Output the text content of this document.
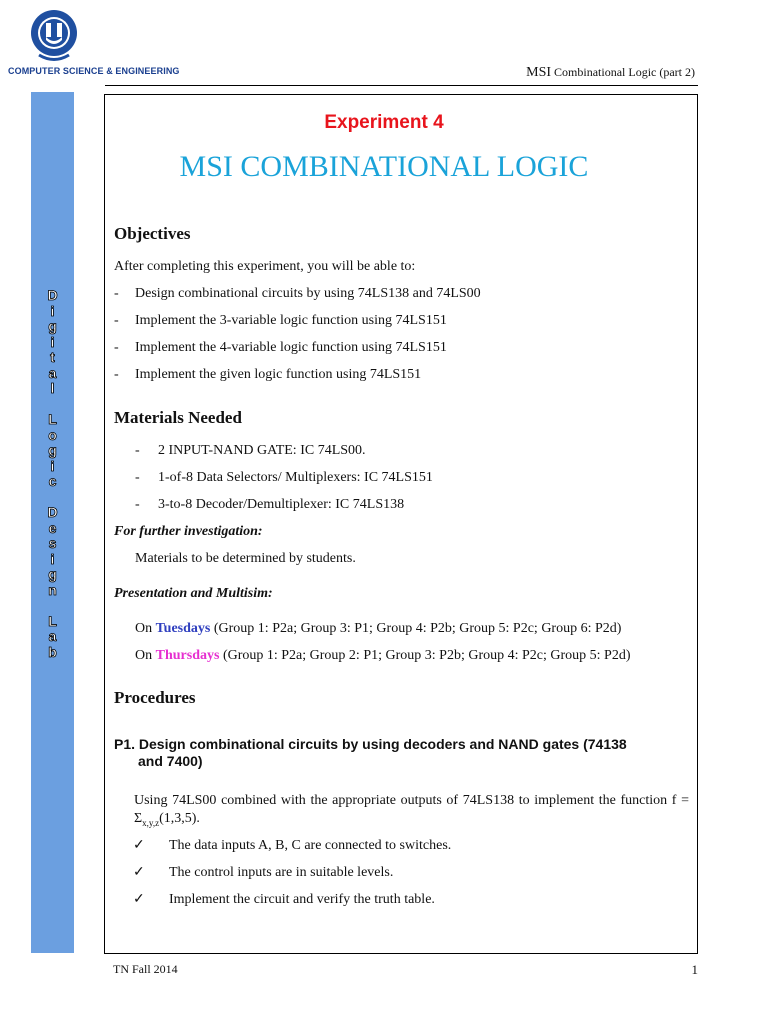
COMPUTER SCIENCE & ENGINEERING	MSI Combinational Logic (part 2)
D
i
g
i
t
a
l
L
o
g
i
c
D
e
s
i
g
n
L
a
b
Experiment 4
MSI COMBINATIONAL LOGIC
Objectives
After completing this experiment, you will be able to:
- Design combinational circuits by using 74LS138 and 74LS00
- Implement the 3-variable logic function using 74LS151
- Implement the 4-variable logic function using 74LS151
- Implement the given logic function using 74LS151
Materials Needed
- 2 INPUT-NAND GATE: IC 74LS00.
- 1-of-8 Data Selectors/ Multiplexers: IC 74LS151
- 3-to-8 Decoder/Demultiplexer: IC 74LS138
For further investigation:
Materials to be determined by students.
Presentation and Multisim:
On Tuesdays (Group 1: P2a; Group 3: P1; Group 4: P2b; Group 5: P2c; Group 6: P2d)
On Thursdays (Group 1: P2a; Group 2: P1; Group 3: P2b; Group 4: P2c; Group 5: P2d)
Procedures
P1. Design combinational circuits by using decoders and NAND gates (74138
and 7400)
Using 74LS00 combined with the appropriate outputs of 74LS138 to implement the function $f = \Sigma_{x,y,z}(1,3,5)$.
✓ The data inputs A, B, C are connected to switches.
✓ The control inputs are in suitable levels.
✓ Implement the circuit and verify the truth table.
TN Fall 2014	1
